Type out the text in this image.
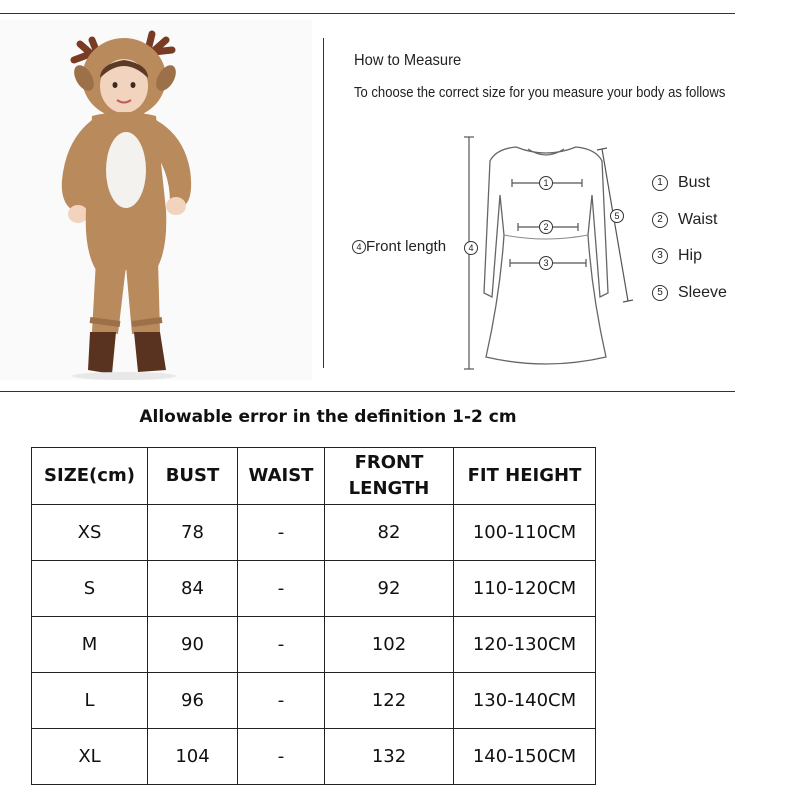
How to Measure
To choose the correct size for you measure your body as follows
1
2
3
4
5
4 Front length
1 Bust
2 Waist
3 Hip
5 Sleeve
Allowable error in the definition 1-2 cm
SIZE(cm)	BUST	WAIST	FRONT LENGTH	FIT HEIGHT
XS	78	-	82	100-110CM
S	84	-	92	110-120CM
M	90	-	102	120-130CM
L	96	-	122	130-140CM
XL	104	-	132	140-150CM
